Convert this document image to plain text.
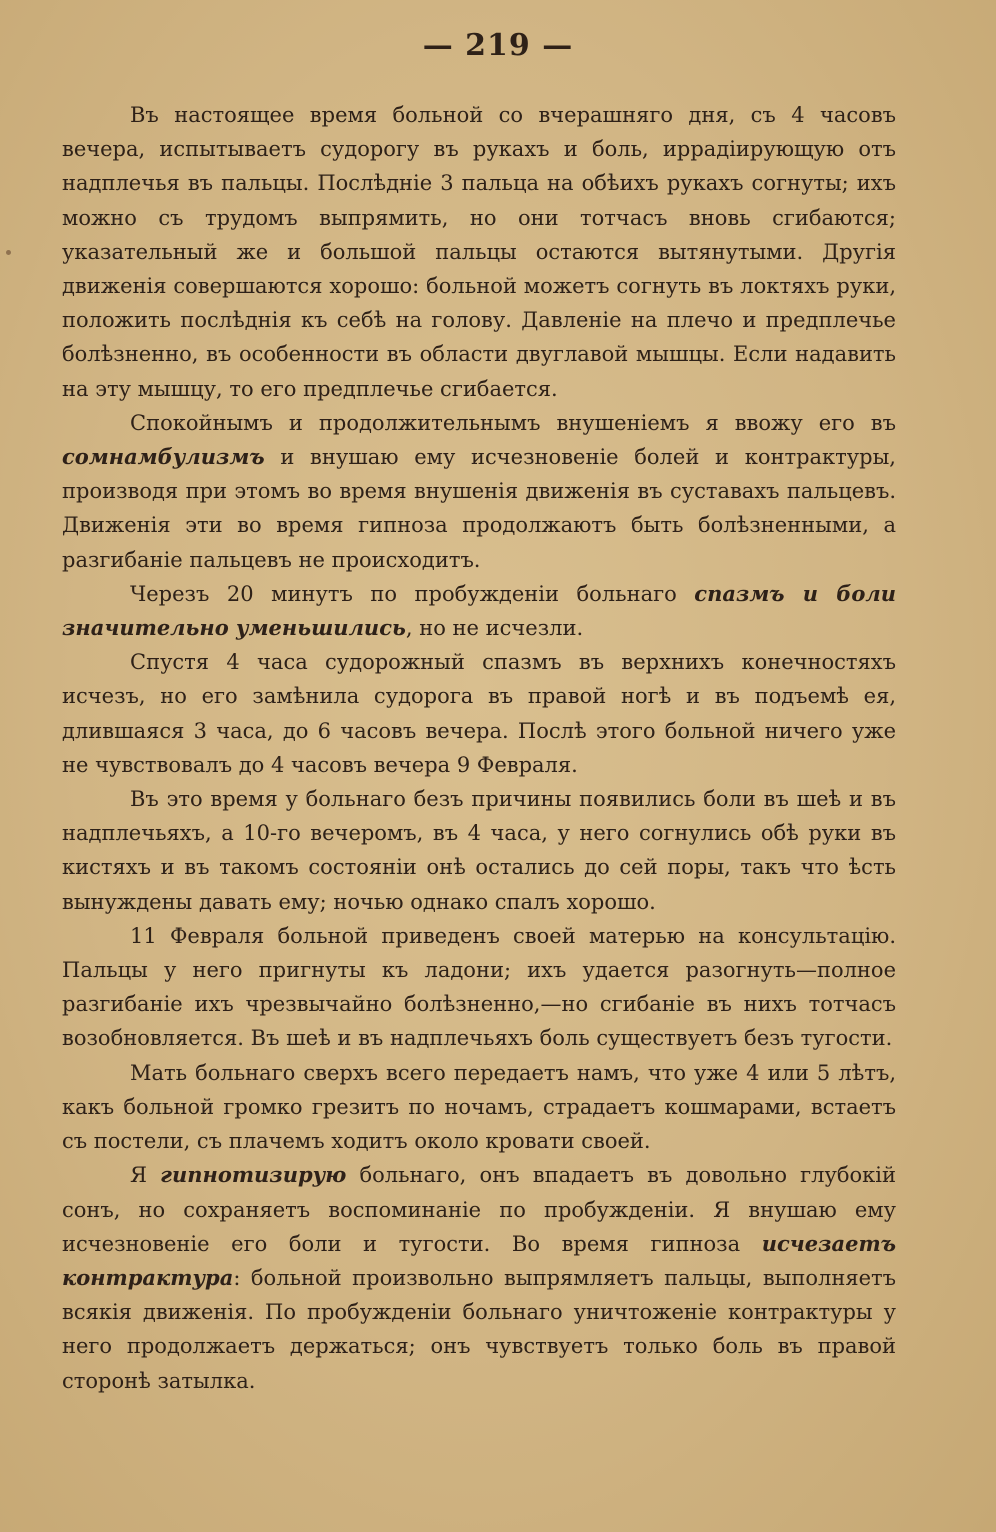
— 219 —

Въ настоящее время больной со вчерашняго дня, съ 4 часовъ вечера, испытываетъ судорогу въ рукахъ и боль, иррадiирующую отъ надплечья въ пальцы. Послѣднiе 3 пальца на обѣихъ рукахъ согнуты; ихъ можно съ трудомъ выпрямить, но они тотчасъ вновь сгибаются; указательный же и большой пальцы остаются вытянутыми. Другiя движенiя совершаются хорошо: больной можетъ согнуть въ локтяхъ руки, положить послѣднiя къ себѣ на голову. Давленiе на плечо и предплечье болѣзненно, въ особенности въ области двуглавой мышцы. Если надавить на эту мышцу, то его предплечье сгибается.

Спокойнымъ и продолжительнымъ внушенiемъ я ввожу его въ сомнамбулизмъ и внушаю ему исчезновенiе болей и контрактуры, производя при этомъ во время внушенiя движенiя въ суставахъ пальцевъ. Движенiя эти во время гипноза продолжаютъ быть болѣзненными, а разгибанiе пальцевъ не происходитъ.

Черезъ 20 минутъ по пробужденiи больнаго спазмъ и боли значительно уменьшились, но не исчезли.

Спустя 4 часа судорожный спазмъ въ верхнихъ конечностяхъ исчезъ, но его замѣнила судорога въ правой ногѣ и въ подъемѣ ея, длившаяся 3 часа, до 6 часовъ вечера. Послѣ этого больной ничего уже не чувствовалъ до 4 часовъ вечера 9 Февраля.

Въ это время у больнаго безъ причины появились боли въ шеѣ и въ надплечьяхъ, а 10-го вечеромъ, въ 4 часа, у него согнулись обѣ руки въ кистяхъ и въ такомъ состоянiи онѣ остались до сей поры, такъ что ѣсть вынуждены давать ему; ночью однако спалъ хорошо.

11 Февраля больной приведенъ своей матерью на консультацiю. Пальцы у него пригнуты къ ладони; ихъ удается разогнуть—полное разгибанiе ихъ чрезвычайно болѣзненно,—но сгибанiе въ нихъ тотчасъ возобновляется. Въ шеѣ и въ надплечьяхъ боль существуетъ безъ тугости.

Мать больнаго сверхъ всего передаетъ намъ, что уже 4 или 5 лѣтъ, какъ больной громко грезитъ по ночамъ, страдаетъ кошмарами, встаетъ съ постели, съ плачемъ ходитъ около кровати своей.

Я гипнотизирую больнаго, онъ впадаетъ въ довольно глубокiй сонъ, но сохраняетъ воспоминанiе по пробужденiи. Я внушаю ему исчезновенiе его боли и тугости. Во время гипноза исчезаетъ контрактура: больной произвольно выпрямляетъ пальцы, выполняетъ всякiя движенiя. По пробужденiи больнаго уничтоженiе контрактуры у него продолжаетъ держаться; онъ чувствуетъ только боль въ правой сторонѣ затылка.
